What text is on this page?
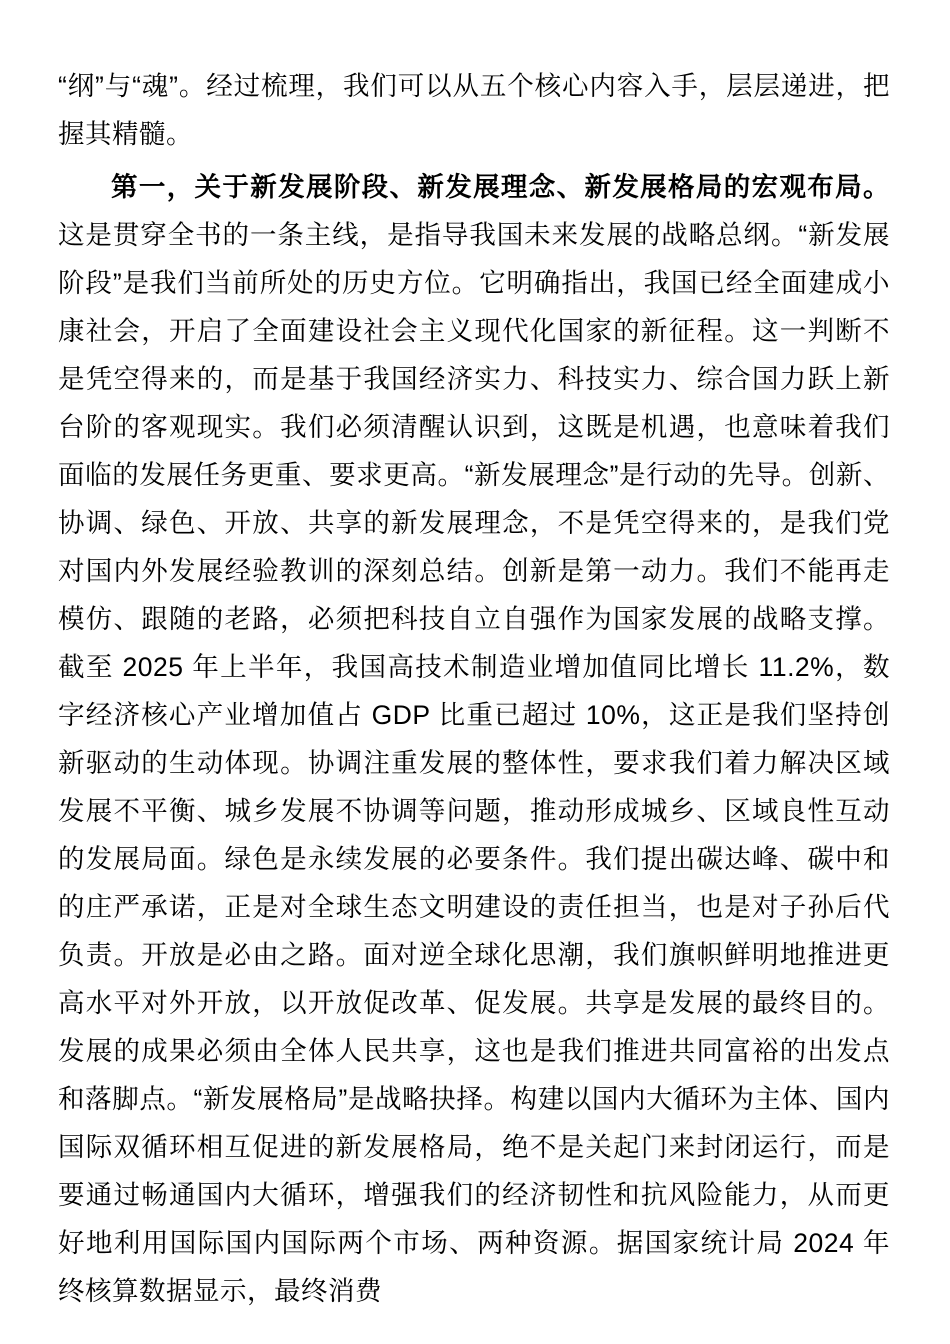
“纲”与“魂”。经过梳理，我们可以从五个核心内容入手，层层递进，把握其精髓。

第一，关于新发展阶段、新发展理念、新发展格局的宏观布局。这是贯穿全书的一条主线，是指导我国未来发展的战略总纲。“新发展阶段”是我们当前所处的历史方位。它明确指出，我国已经全面建成小康社会，开启了全面建设社会主义现代化国家的新征程。这一判断不是凭空得来的，而是基于我国经济实力、科技实力、综合国力跃上新台阶的客观现实。我们必须清醒认识到，这既是机遇，也意味着我们面临的发展任务更重、要求更高。“新发展理念”是行动的先导。创新、协调、绿色、开放、共享的新发展理念，不是凭空得来的，是我们党对国内外发展经验教训的深刻总结。创新是第一动力。我们不能再走模仿、跟随的老路，必须把科技自立自强作为国家发展的战略支撑。截至 2025 年上半年，我国高技术制造业增加值同比增长 11.2%，数字经济核心产业增加值占 GDP 比重已超过 10%，这正是我们坚持创新驱动的生动体现。协调注重发展的整体性，要求我们着力解决区域发展不平衡、城乡发展不协调等问题，推动形成城乡、区域良性互动的发展局面。绿色是永续发展的必要条件。我们提出碳达峰、碳中和的庄严承诺，正是对全球生态文明建设的责任担当，也是对子孙后代负责。开放是必由之路。面对逆全球化思潮，我们旗帜鲜明地推进更高水平对外开放，以开放促改革、促发展。共享是发展的最终目的。发展的成果必须由全体人民共享，这也是我们推进共同富裕的出发点和落脚点。“新发展格局”是战略抉择。构建以国内大循环为主体、国内国际双循环相互促进的新发展格局，绝不是关起门来封闭运行，而是要通过畅通国内大循环，增强我们的经济韧性和抗风险能力，从而更好地利用国际国内国际两个市场、两种资源。据国家统计局 2024 年终核算数据显示，最终消费
